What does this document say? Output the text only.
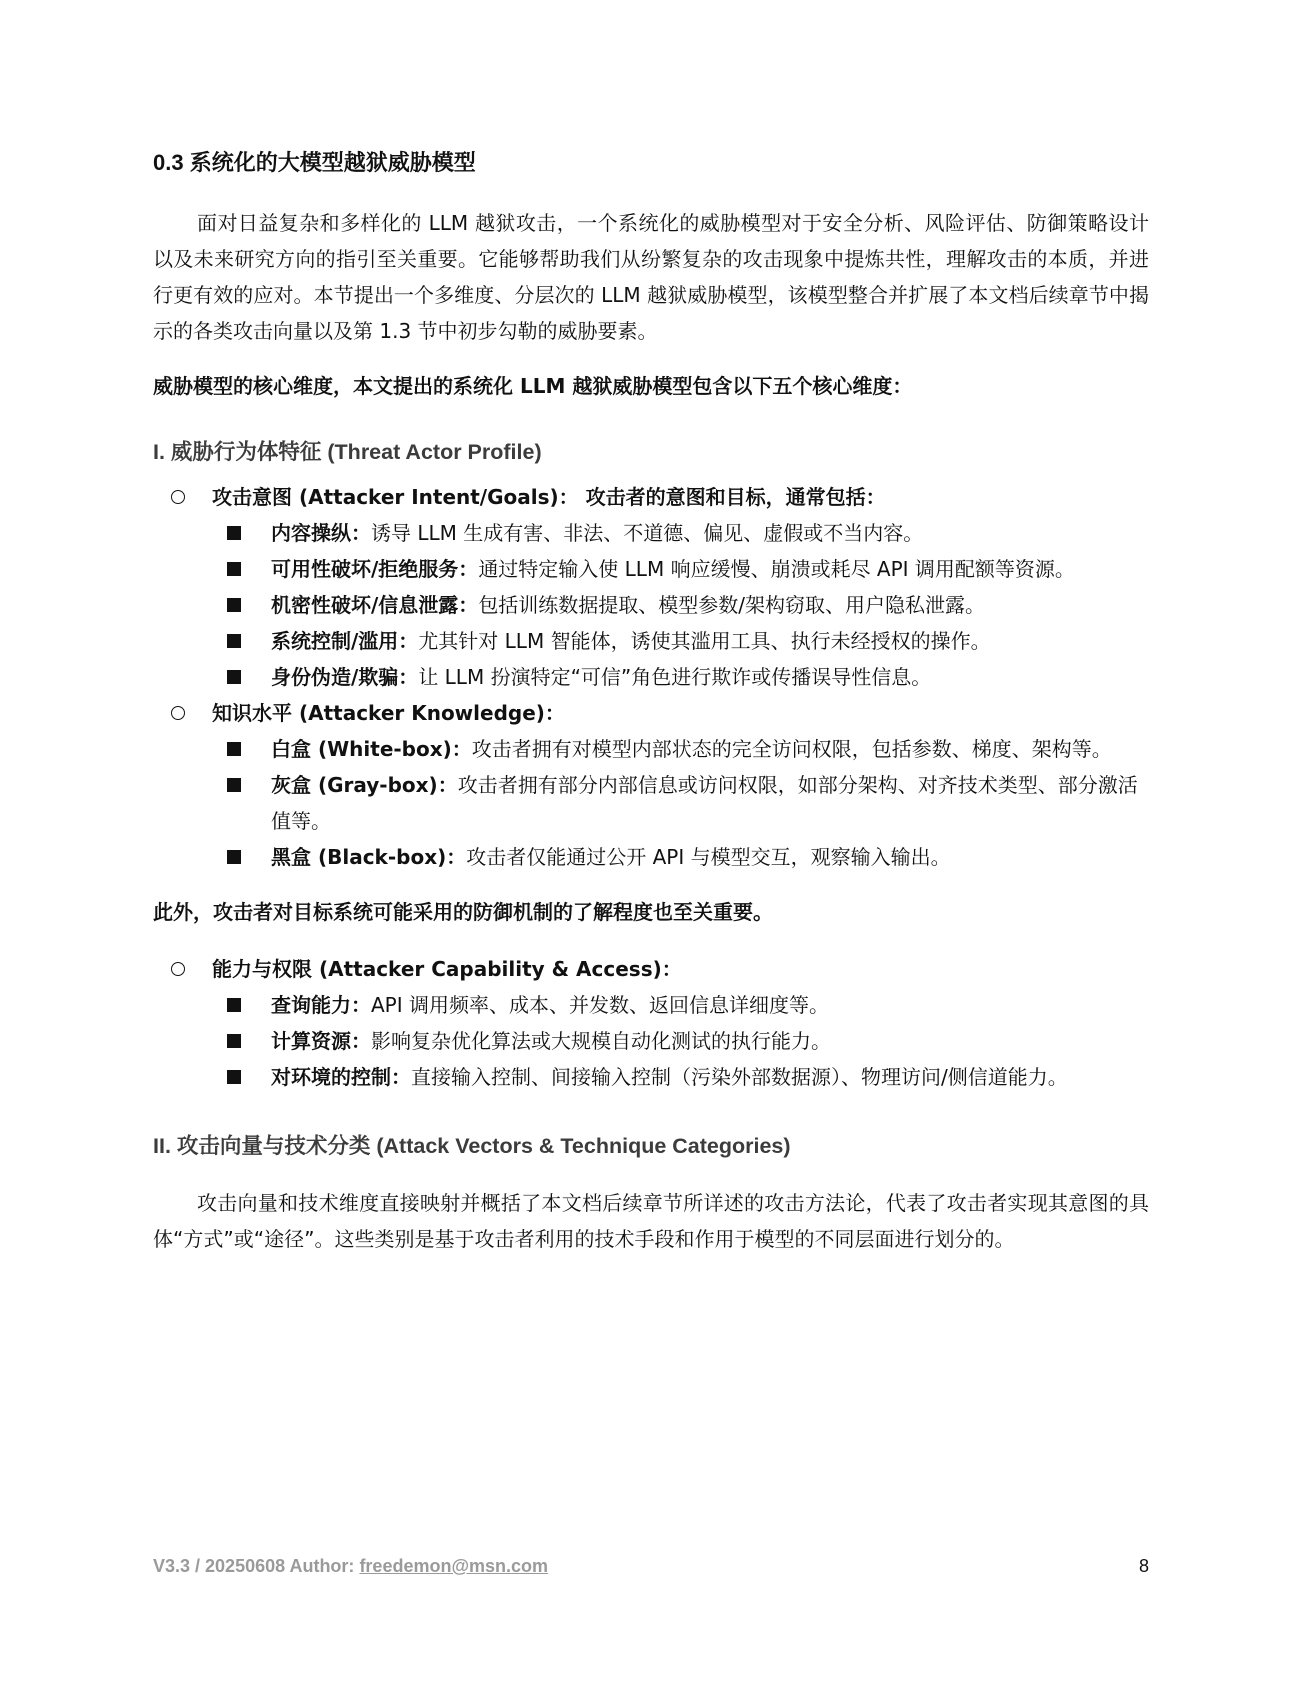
0.3 系统化的大模型越狱威胁模型

面对日益复杂和多样化的 LLM 越狱攻击，一个系统化的威胁模型对于安全分析、风险评估、防御策略设计以及未来研究方向的指引至关重要。它能够帮助我们从纷繁复杂的攻击现象中提炼共性，理解攻击的本质，并进行更有效的应对。本节提出一个多维度、分层次的 LLM 越狱威胁模型，该模型整合并扩展了本文档后续章节中揭示的各类攻击向量以及第 1.3 节中初步勾勒的威胁要素。

威胁模型的核心维度，本文提出的系统化 LLM 越狱威胁模型包含以下五个核心维度：

I. 威胁行为体特征 (Threat Actor Profile)
攻击意图 (Attacker Intent/Goals)： 攻击者的意图和目标，通常包括：
内容操纵：诱导 LLM 生成有害、非法、不道德、偏见、虚假或不当内容。
可用性破坏/拒绝服务：通过特定输入使 LLM 响应缓慢、崩溃或耗尽 API 调用配额等资源。
机密性破坏/信息泄露：包括训练数据提取、模型参数/架构窃取、用户隐私泄露。
系统控制/滥用：尤其针对 LLM 智能体，诱使其滥用工具、执行未经授权的操作。
身份伪造/欺骗：让 LLM 扮演特定“可信”角色进行欺诈或传播误导性信息。
知识水平 (Attacker Knowledge)：
白盒 (White-box)：攻击者拥有对模型内部状态的完全访问权限，包括参数、梯度、架构等。
灰盒 (Gray-box)：攻击者拥有部分内部信息或访问权限，如部分架构、对齐技术类型、部分激活值等。
黑盒 (Black-box)：攻击者仅能通过公开 API 与模型交互，观察输入输出。

此外，攻击者对目标系统可能采用的防御机制的了解程度也至关重要。

能力与权限 (Attacker Capability & Access)：
查询能力：API 调用频率、成本、并发数、返回信息详细度等。
计算资源：影响复杂优化算法或大规模自动化测试的执行能力。
对环境的控制：直接输入控制、间接输入控制（污染外部数据源）、物理访问/侧信道能力。
II. 攻击向量与技术分类 (Attack Vectors & Technique Categories)

攻击向量和技术维度直接映射并概括了本文档后续章节所详述的攻击方法论，代表了攻击者实现其意图的具体“方式”或“途径”。这些类别是基于攻击者利用的技术手段和作用于模型的不同层面进行划分的。

V3.3 / 20250608 Author: freedemon@msn.com	8
